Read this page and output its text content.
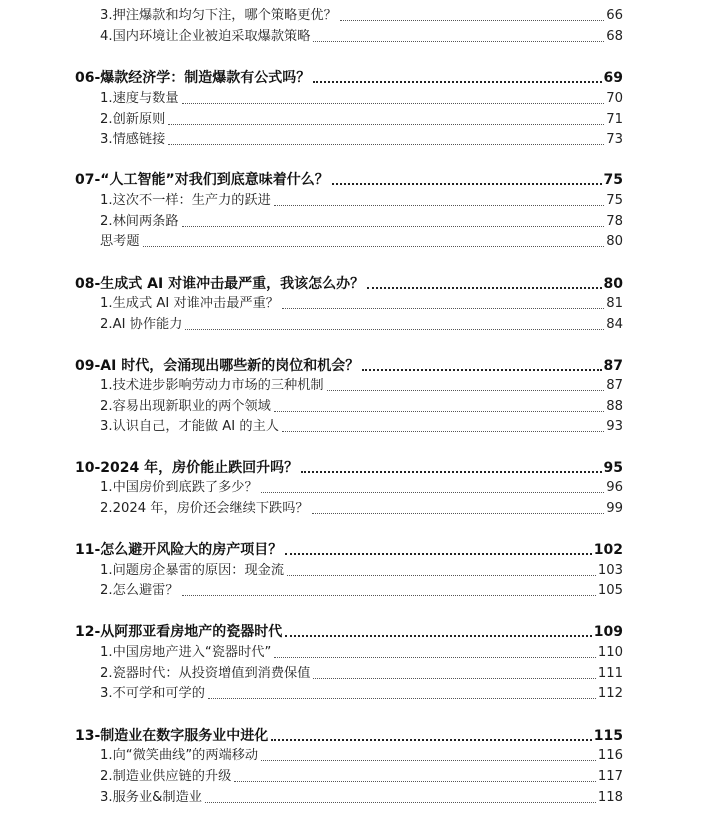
3.押注爆款和均匀下注，哪个策略更优？	66
4.国内环境让企业被迫采取爆款策略	68
06-爆款经济学：制造爆款有公式吗？	69
1.速度与数量	70
2.创新原则	71
3.情感链接	73
07-“人工智能”对我们到底意味着什么？	75
1.这次不一样：生产力的跃进	75
2.林间两条路	78
思考题	80
08-生成式 AI 对谁冲击最严重，我该怎么办？	80
1.生成式 AI 对谁冲击最严重？	81
2.AI 协作能力	84
09-AI 时代，会涌现出哪些新的岗位和机会？	87
1.技术进步影响劳动力市场的三种机制	87
2.容易出现新职业的两个领域	88
3.认识自己，才能做 AI 的主人	93
10-2024 年，房价能止跌回升吗？	95
1.中国房价到底跌了多少？	96
2.2024 年，房价还会继续下跌吗？	99
11-怎么避开风险大的房产项目？	102
1.问题房企暴雷的原因：现金流	103
2.怎么避雷？	105
12-从阿那亚看房地产的瓷器时代	109
1.中国房地产进入“瓷器时代”	110
2.瓷器时代：从投资增值到消费保值	111
3.不可学和可学的	112
13-制造业在数字服务业中进化	115
1.向“微笑曲线”的两端移动	116
2.制造业供应链的升级	117
3.服务业&制造业	118
